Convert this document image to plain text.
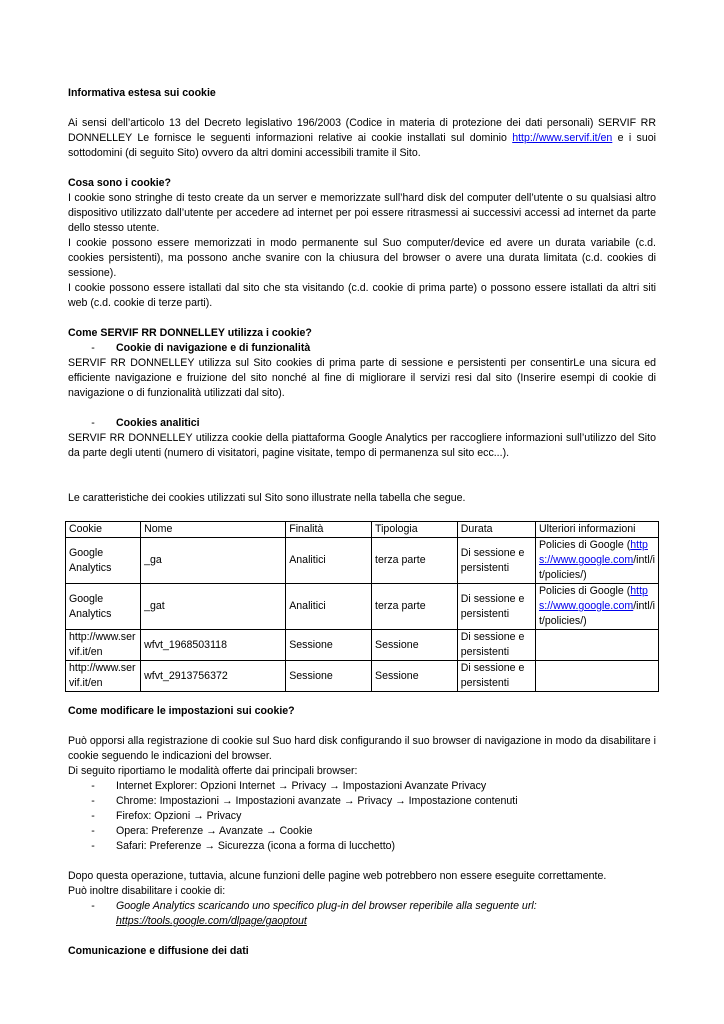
Informativa estesa sui cookie

Ai sensi dell’articolo 13 del Decreto legislativo 196/2003 (Codice in materia di protezione dei dati personali) SERVIF RR DONNELLEY Le fornisce le seguenti informazioni relative ai cookie installati sul dominio http://www.servif.it/en e i suoi sottodomini (di seguito Sito) ovvero da altri domini accessibili tramite il Sito.

Cosa sono i cookie?

I cookie sono stringhe di testo create da un server e memorizzate sull’hard disk del computer dell’utente o su qualsiasi altro dispositivo utilizzato dall’utente per accedere ad internet per poi essere ritrasmessi ai successivi accessi ad internet da parte dello stesso utente.

I cookie possono essere memorizzati in modo permanente sul Suo computer/device ed avere un durata variabile (c.d. cookies persistenti), ma possono anche svanire con la chiusura del browser o avere una durata limitata (c.d. cookies di sessione).

I cookie possono essere istallati dal sito che sta visitando (c.d. cookie di prima parte) o possono essere istallati da altri siti web (c.d. cookie di terze parti).

Come SERVIF RR DONNELLEY utilizza i cookie?

-	Cookie di navigazione e di funzionalità

SERVIF RR DONNELLEY utilizza sul Sito cookies di prima parte di sessione e persistenti per consentirLe una sicura ed efficiente navigazione e fruizione del sito nonché al fine di migliorare il servizi resi dal sito (Inserire esempi di cookie di navigazione o di funzionalità utilizzati dal sito).

-	Cookies analitici

SERVIF RR DONNELLEY utilizza cookie della piattaforma Google Analytics per raccogliere informazioni sull’utilizzo del Sito da parte degli utenti (numero di visitatori, pagine visitate, tempo di permanenza sul sito ecc...).

Le caratteristiche dei cookies utilizzati sul Sito sono illustrate nella tabella che segue.

Cookie	Nome	Finalità	Tipologia	Durata	Ulteriori informazioni
Google Analytics	_ga	Analitici	terza parte	Di sessione e persistenti	Policies di Google (https://www.google.com/intl/it/policies/)
Google Analytics	_gat	Analitici	terza parte	Di sessione e persistenti	Policies di Google (https://www.google.com/intl/it/policies/)
http://www.servif.it/en	wfvt_1968503118	Sessione	Sessione	Di sessione e persistenti	
http://www.servif.it/en	wfvt_2913756372	Sessione	Sessione	Di sessione e persistenti	

Come modificare le impostazioni sui cookie?

Può opporsi alla registrazione di cookie sul Suo hard disk configurando il suo browser di navigazione in modo da disabilitare i cookie seguendo le indicazioni del browser.

Di seguito riportiamo le modalità offerte dai principali browser:

-	Internet Explorer: Opzioni Internet → Privacy → Impostazioni Avanzate Privacy
-	Chrome: Impostazioni → Impostazioni avanzate → Privacy → Impostazione contenuti
-	Firefox: Opzioni → Privacy
-	Opera: Preferenze → Avanzate → Cookie
-	Safari: Preferenze → Sicurezza (icona a forma di lucchetto)

Dopo questa operazione, tuttavia, alcune funzioni delle pagine web potrebbero non essere eseguite correttamente.

Può inoltre disabilitare i cookie di:

-	Google Analytics scaricando uno specifico plug-in del browser reperibile alla seguente url:
https://tools.google.com/dlpage/gaoptout

Comunicazione e diffusione dei dati
